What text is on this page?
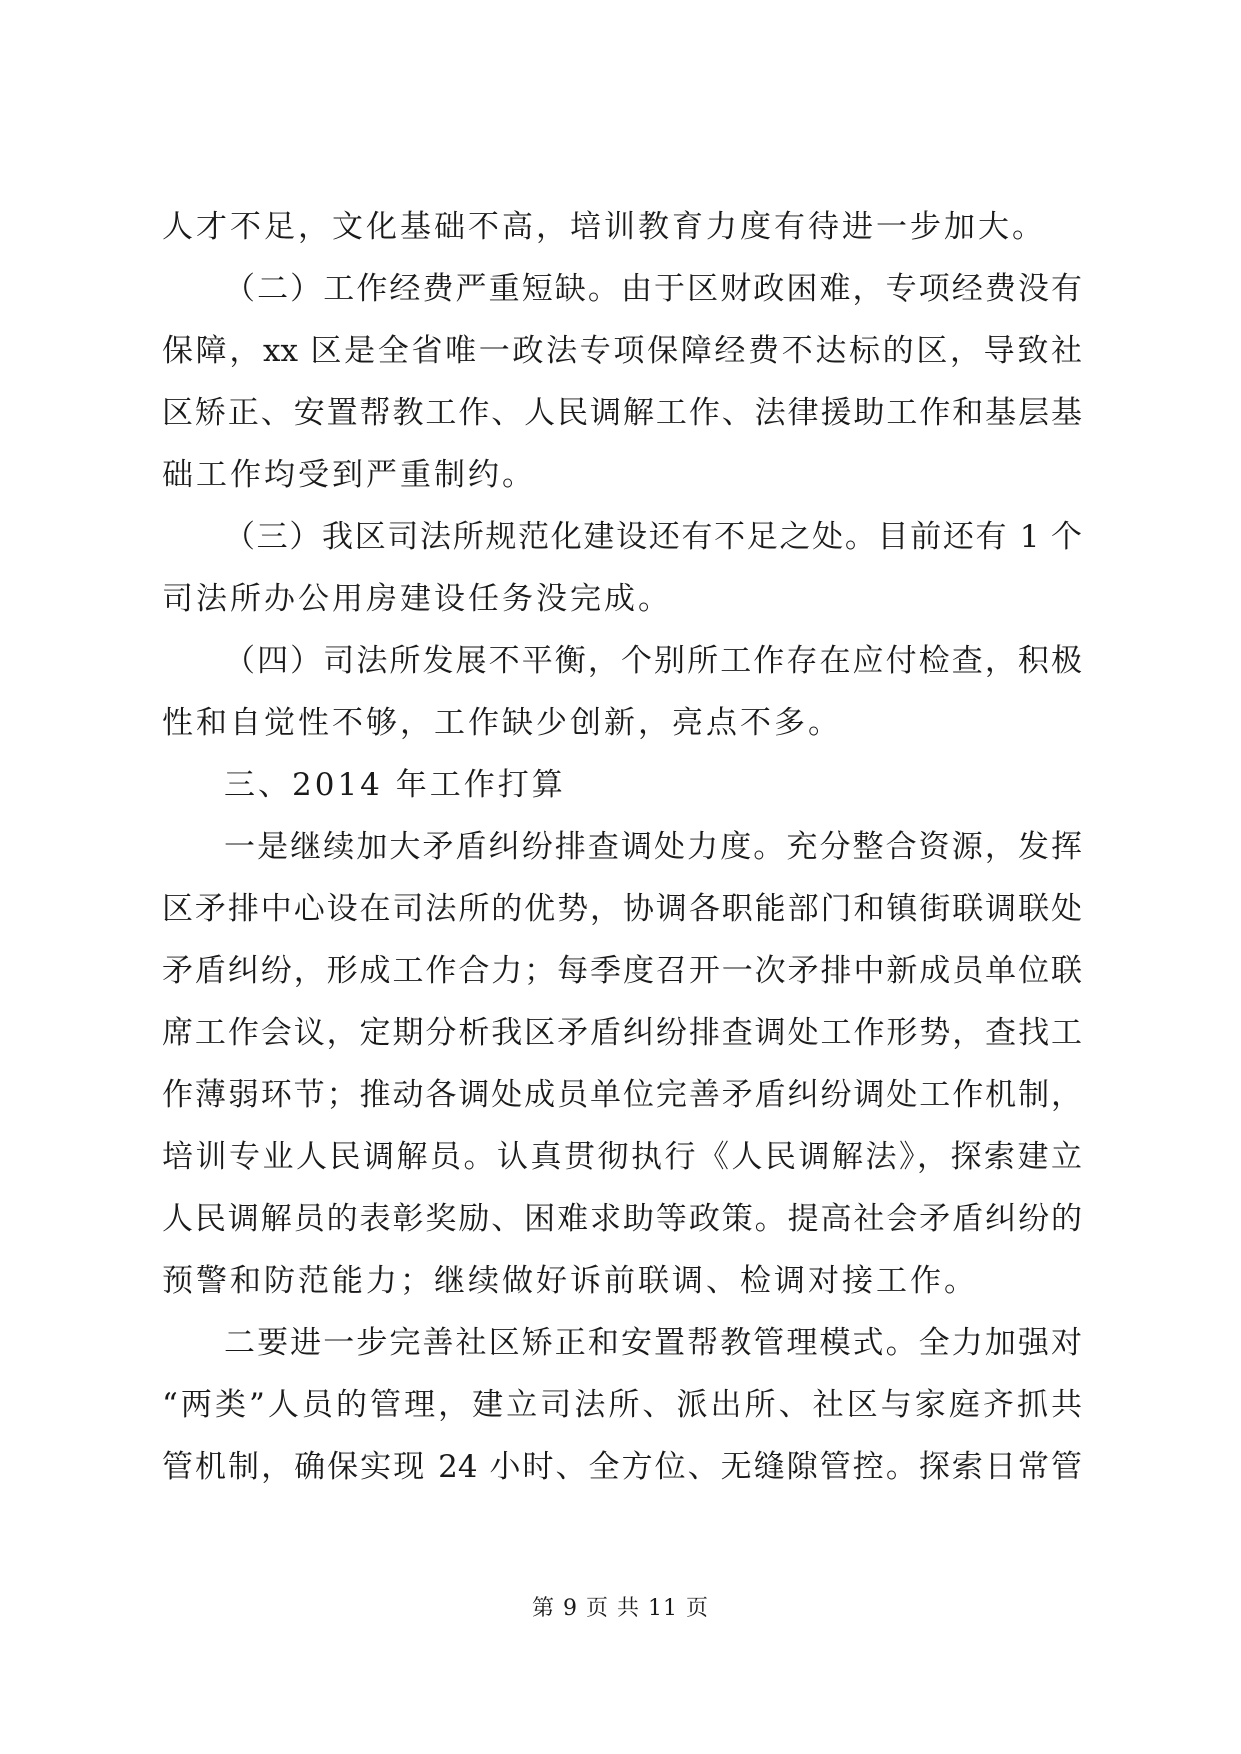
人才不足，文化基础不高，培训教育力度有待进一步加大。
（二）工作经费严重短缺。由于区财政困难，专项经费没有
保障，xx 区是全省唯一政法专项保障经费不达标的区，导致社
区矫正、安置帮教工作、人民调解工作、法律援助工作和基层基
础工作均受到严重制约。
（三）我区司法所规范化建设还有不足之处。目前还有 1 个
司法所办公用房建设任务没完成。
（四）司法所发展不平衡，个别所工作存在应付检查，积极
性和自觉性不够，工作缺少创新，亮点不多。
三、2014 年工作打算
一是继续加大矛盾纠纷排查调处力度。充分整合资源，发挥
区矛排中心设在司法所的优势，协调各职能部门和镇街联调联处
矛盾纠纷，形成工作合力；每季度召开一次矛排中新成员单位联
席工作会议，定期分析我区矛盾纠纷排查调处工作形势，查找工
作薄弱环节；推动各调处成员单位完善矛盾纠纷调处工作机制，
培训专业人民调解员。认真贯彻执行《人民调解法》，探索建立
人民调解员的表彰奖励、困难求助等政策。提高社会矛盾纠纷的
预警和防范能力；继续做好诉前联调、检调对接工作。
二要进一步完善社区矫正和安置帮教管理模式。全力加强对
“两类”人员的管理，建立司法所、派出所、社区与家庭齐抓共
管机制，确保实现 24 小时、全方位、无缝隙管控。探索日常管
第 9 页 共 11 页
